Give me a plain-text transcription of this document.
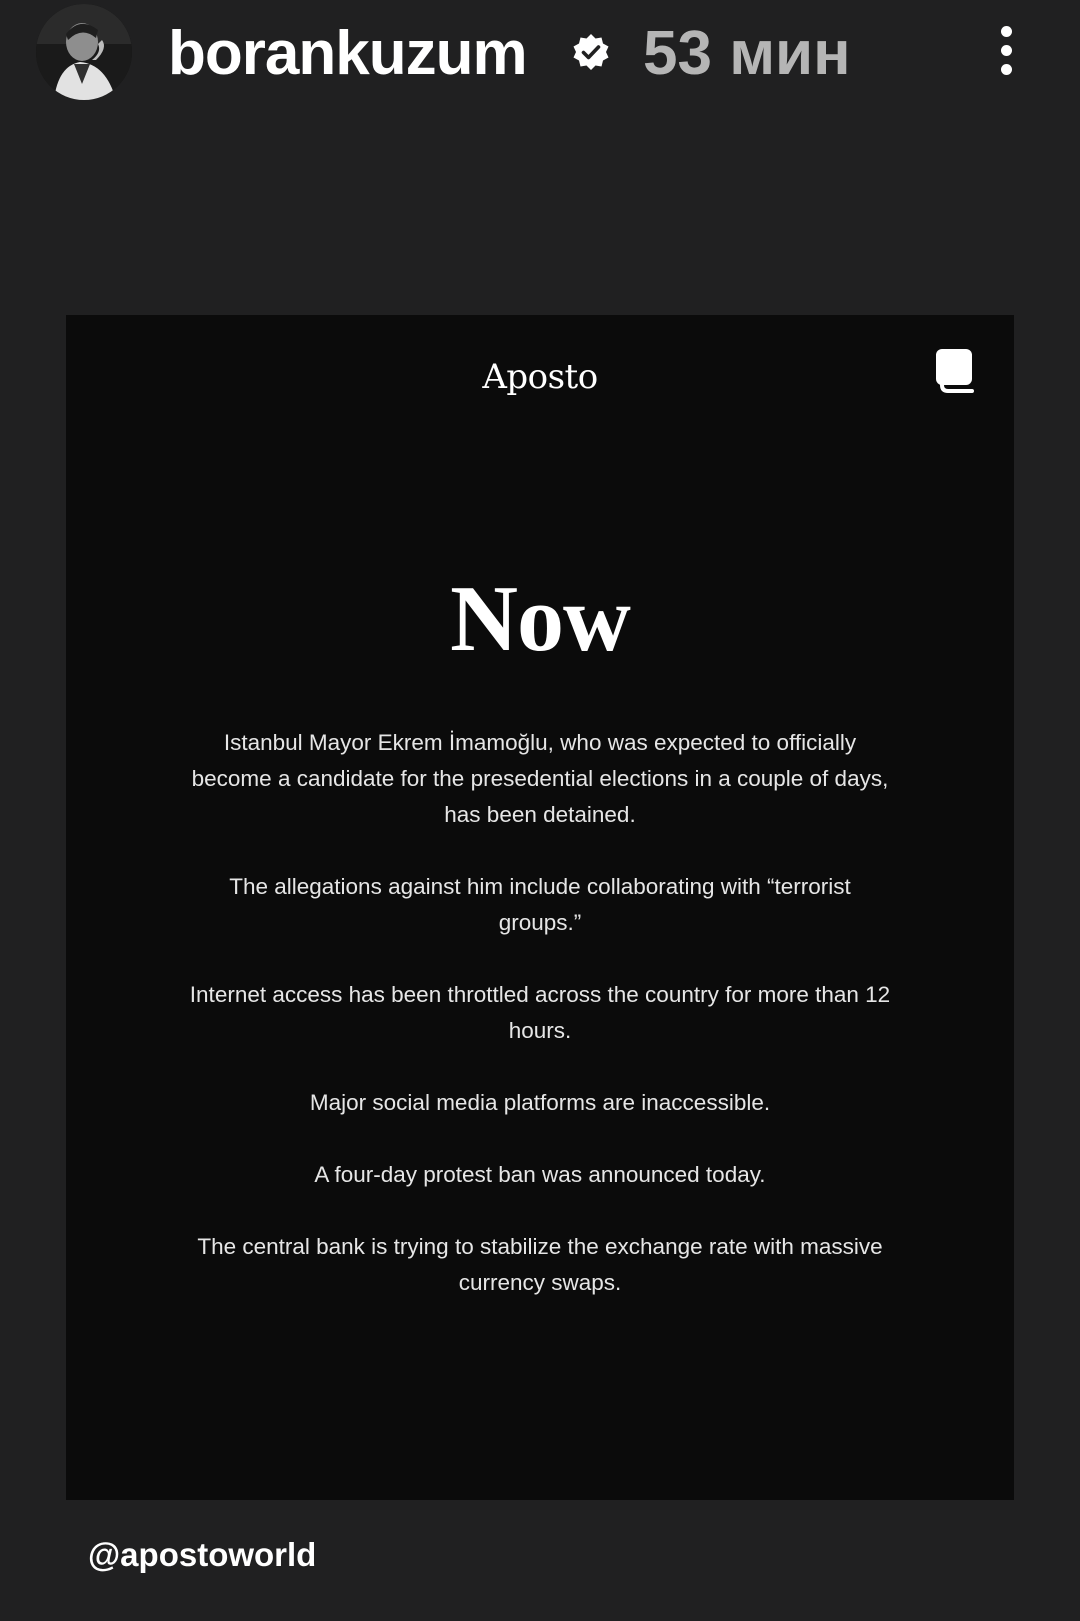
borankuzum 53 мин
Aposto
Now

Istanbul Mayor Ekrem İmamoğlu, who was expected to officially become a candidate for the presedential elections in a couple of days, has been detained.

The allegations against him include collaborating with “terrorist groups.”

Internet access has been throttled across the country for more than 12 hours.

Major social media platforms are inaccessible.

A four-day protest ban was announced today.

The central bank is trying to stabilize the exchange rate with massive currency swaps.

@apostoworld
